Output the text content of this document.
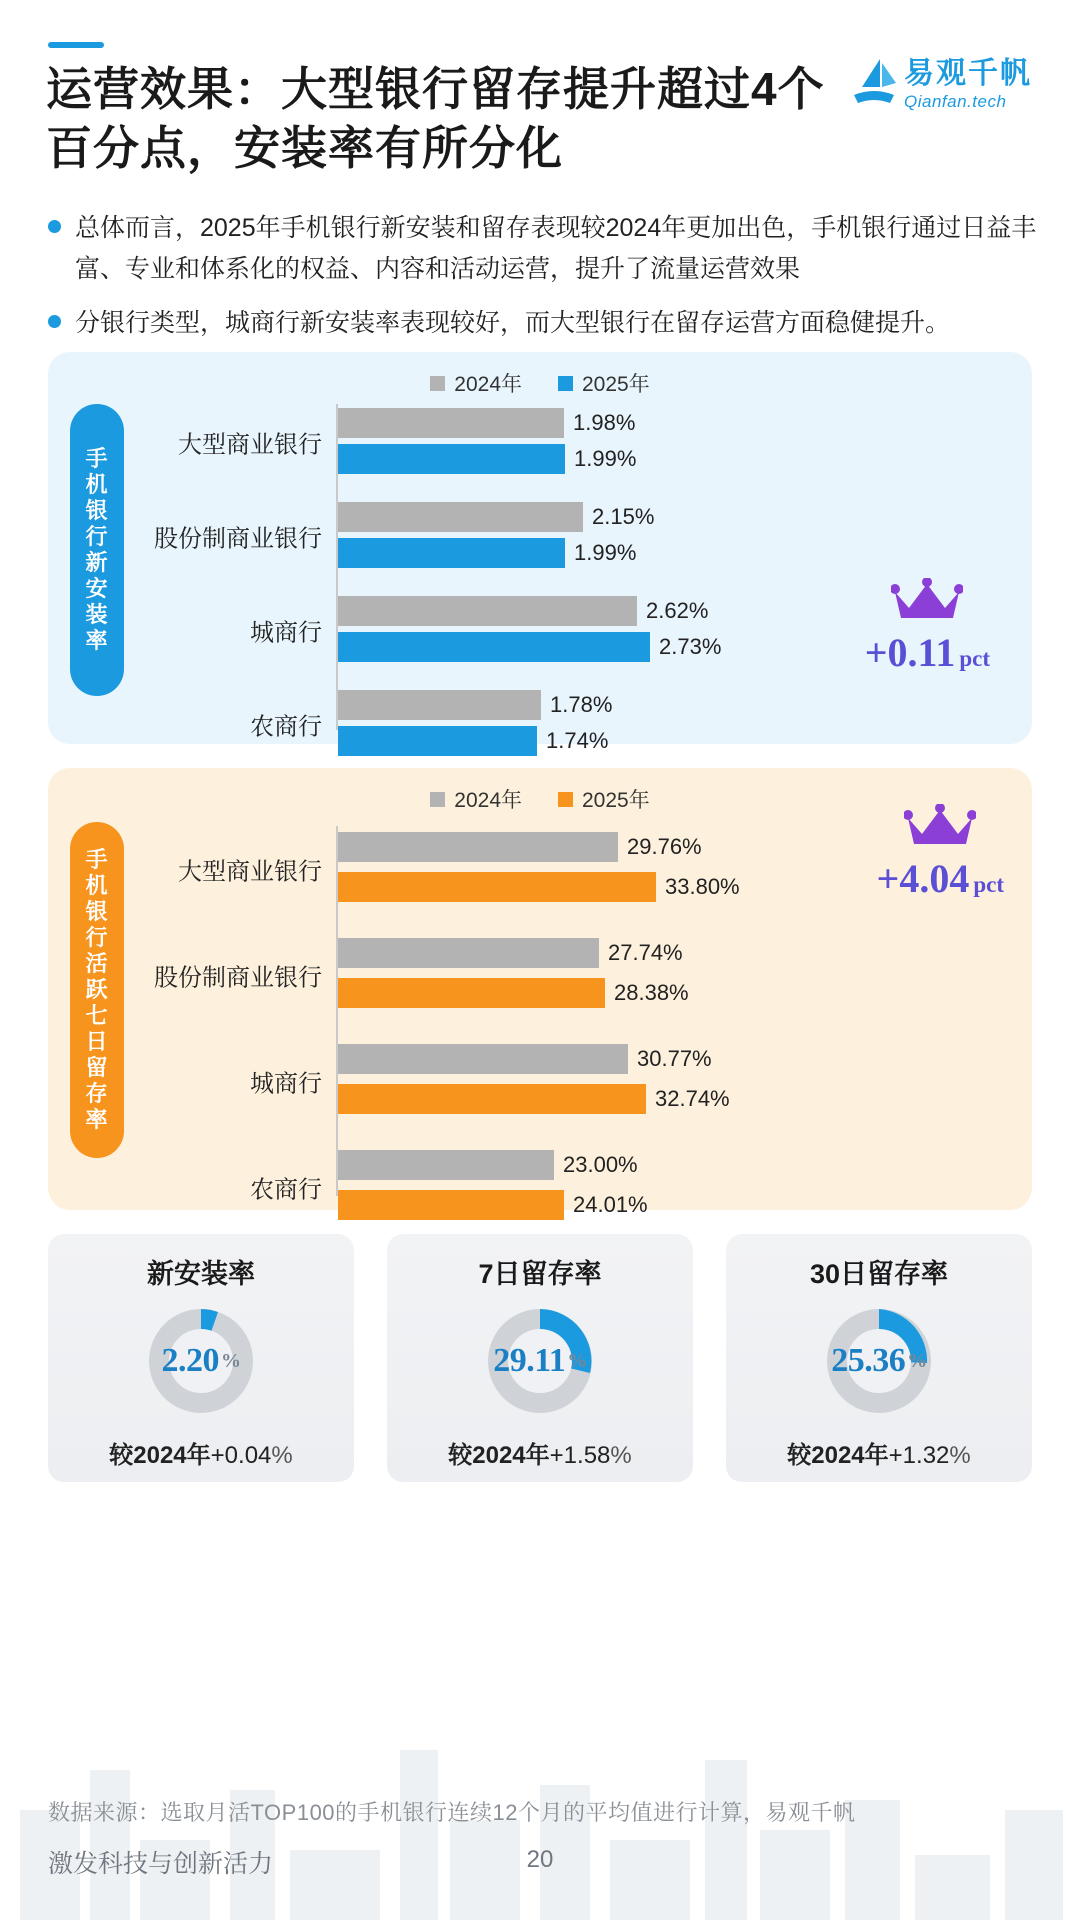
运营效果：大型银行留存提升超过4个百分点，安装率有所分化
易观千帆
Qianfan.tech
总体而言，2025年手机银行新安装和留存表现较2024年更加出色，手机银行通过日益丰富、专业和体系化的权益、内容和活动运营，提升了流量运营效果
分银行类型，城商行新安装率表现较好，而大型银行在留存运营方面稳健提升。
手机银行新安装率
2024年	2025年
大型商业银行
1.98%
1.99%
股份制商业银行
2.15%
1.99%
城商行
2.62%
2.73%
农商行
1.78%
1.74%
+0.11 pct
手机银行活跃七日留存率
2024年	2025年
大型商业银行
29.76%
33.80%
股份制商业银行
27.74%
28.38%
城商行
30.77%
32.74%
农商行
23.00%
24.01%
+4.04 pct
新安装率
2.20 %
较2024年+0.04%
7日留存率
29.11 %
较2024年+1.58%
30日留存率
25.36 %
较2024年+1.32%
数据来源：选取月活TOP100的手机银行连续12个月的平均值进行计算，易观千帆
激发科技与创新活力	20
